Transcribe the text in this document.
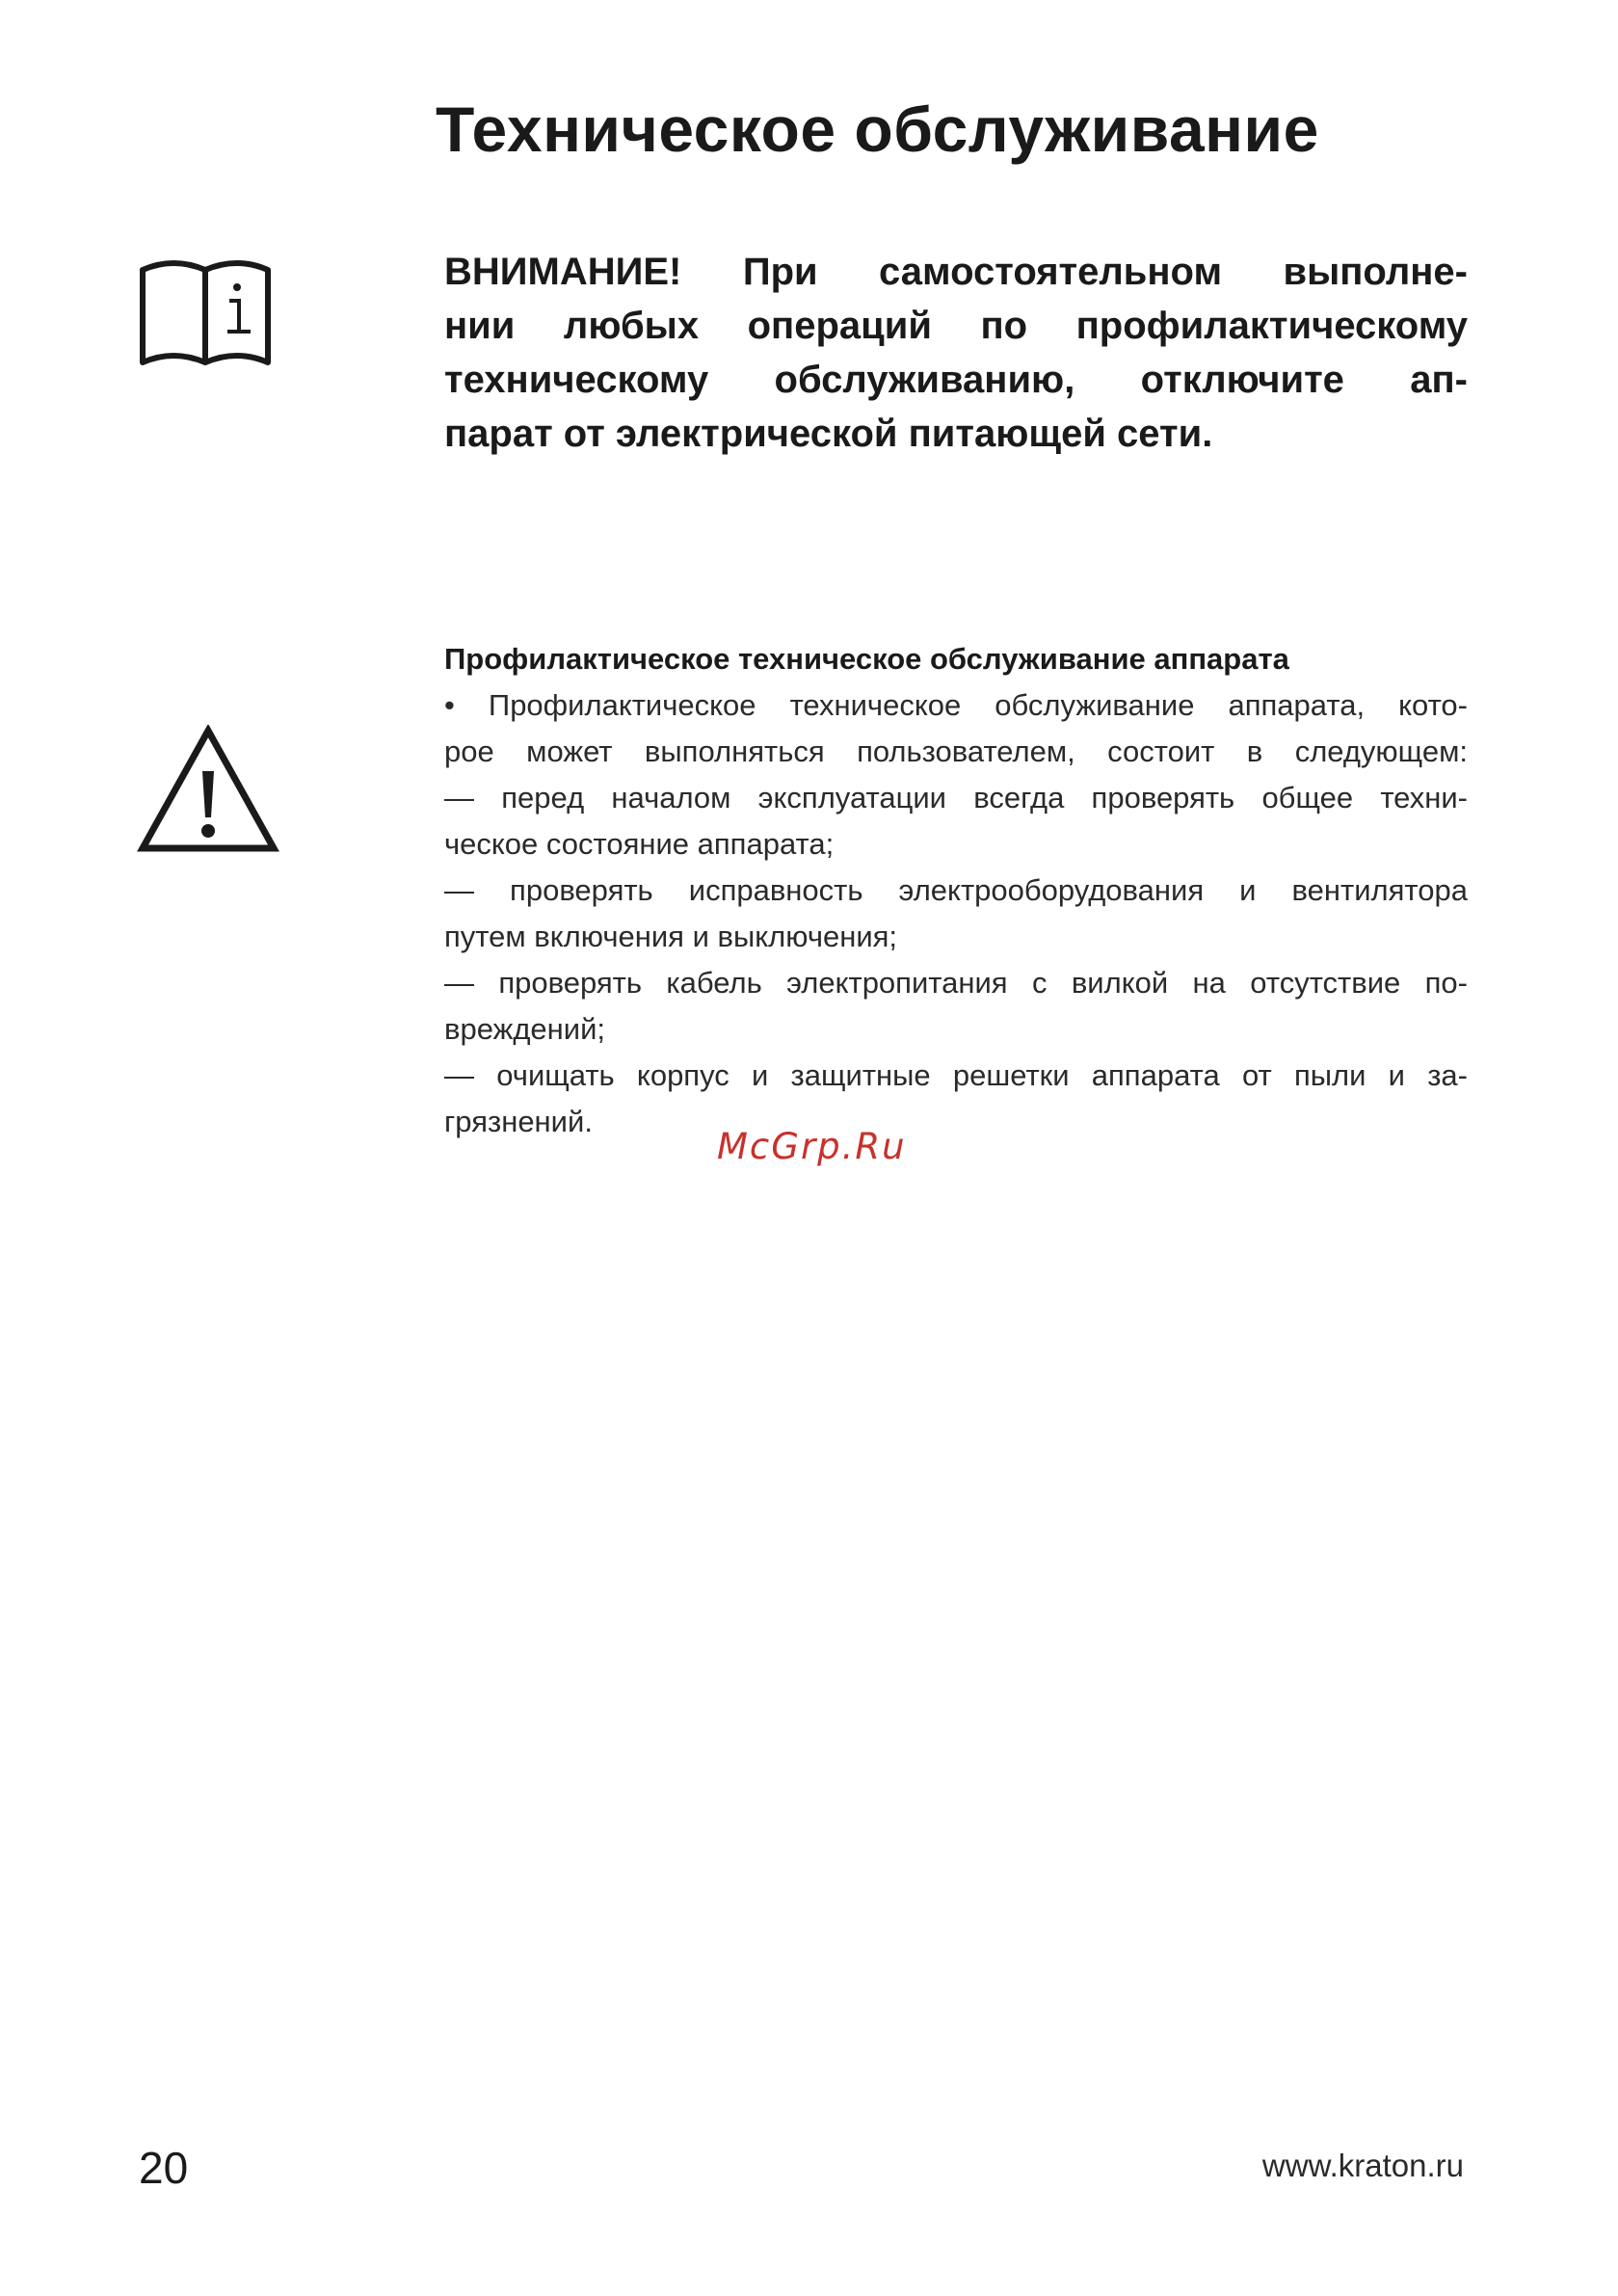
Техническое обслуживание
ВНИМАНИЕ! При самостоятельном выполне-
нии любых операций по профилактическому
техническому обслуживанию, отключите ап-
парат от электрической питающей сети.

Профилактическое техническое обслуживание аппарата

• Профилактическое техническое обслуживание аппарата, кото-
рое может выполняться пользователем, состоит в следующем:
— перед началом эксплуатации всегда проверять общее техни-
ческое состояние аппарата;
— проверять исправность электрооборудования и вентилятора
путем включения и выключения;
— проверять кабель электропитания с вилкой на отсутствие по-
вреждений;
— очищать корпус и защитные решетки аппарата от пыли и за-
грязнений.

McGrp.Ru
20	www.kraton.ru
